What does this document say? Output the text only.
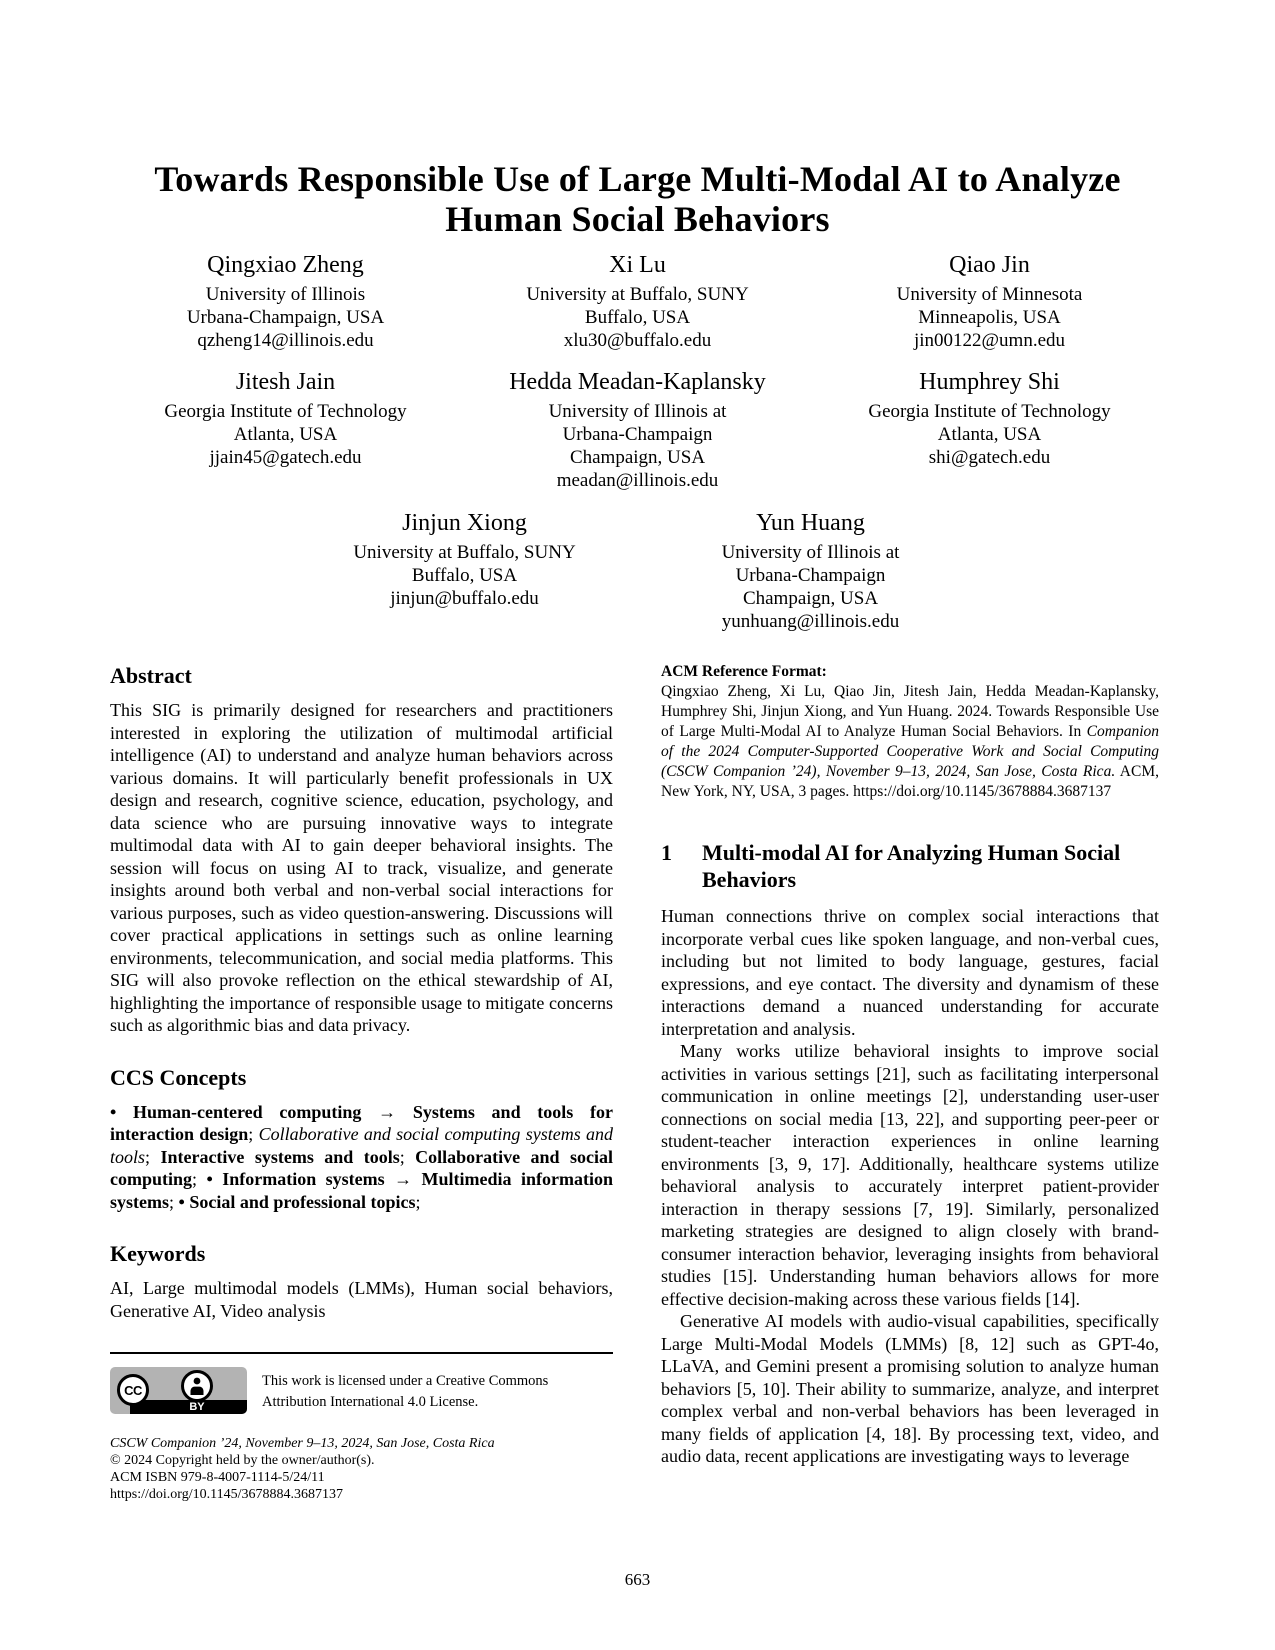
Towards Responsible Use of Large Multi-Modal AI to Analyze
Human Social Behaviors
Qingxiao Zheng
University of Illinois
Urbana-Champaign, USA
qzheng14@illinois.edu
Xi Lu
University at Buffalo, SUNY
Buffalo, USA
xlu30@buffalo.edu
Qiao Jin
University of Minnesota
Minneapolis, USA
jin00122@umn.edu
Jitesh Jain
Georgia Institute of Technology
Atlanta, USA
jjain45@gatech.edu
Hedda Meadan-Kaplansky
University of Illinois at
Urbana-Champaign
Champaign, USA
meadan@illinois.edu
Humphrey Shi
Georgia Institute of Technology
Atlanta, USA
shi@gatech.edu
Jinjun Xiong
University at Buffalo, SUNY
Buffalo, USA
jinjun@buffalo.edu
Yun Huang
University of Illinois at
Urbana-Champaign
Champaign, USA
yunhuang@illinois.edu
Abstract

This SIG is primarily designed for researchers and practitioners interested in exploring the utilization of multimodal artificial intelligence (AI) to understand and analyze human behaviors across various domains. It will particularly benefit professionals in UX design and research, cognitive science, education, psychology, and data science who are pursuing innovative ways to integrate multimodal data with AI to gain deeper behavioral insights. The session will focus on using AI to track, visualize, and generate insights around both verbal and non-verbal social interactions for various purposes, such as video question-answering. Discussions will cover practical applications in settings such as online learning environments, telecommunication, and social media platforms. This SIG will also provoke reflection on the ethical stewardship of AI, highlighting the importance of responsible usage to mitigate concerns such as algorithmic bias and data privacy.

CCS Concepts

• Human-centered computing → Systems and tools for interaction design; Collaborative and social computing systems and tools; Interactive systems and tools; Collaborative and social computing; • Information systems → Multimedia information systems; • Social and professional topics;

Keywords

AI, Large multimodal models (LMMs), Human social behaviors, Generative AI, Video analysis

CC
BY
This work is licensed under a Creative Commons Attribution International 4.0 License.
CSCW Companion ’24, November 9–13, 2024, San Jose, Costa Rica
© 2024 Copyright held by the owner/author(s).
ACM ISBN 979-8-4007-1114-5/24/11
https://doi.org/10.1145/3678884.3687137
ACM Reference Format:

Qingxiao Zheng, Xi Lu, Qiao Jin, Jitesh Jain, Hedda Meadan-Kaplansky, Humphrey Shi, Jinjun Xiong, and Yun Huang. 2024. Towards Responsible Use of Large Multi-Modal AI to Analyze Human Social Behaviors. In Companion of the 2024 Computer-Supported Cooperative Work and Social Computing (CSCW Companion ’24), November 9–13, 2024, San Jose, Costa Rica. ACM, New York, NY, USA, 3 pages. https://doi.org/10.1145/3678884.3687137

1	Multi-modal AI for Analyzing Human Social Behaviors

Human connections thrive on complex social interactions that incorporate verbal cues like spoken language, and non-verbal cues, including but not limited to body language, gestures, facial expressions, and eye contact. The diversity and dynamism of these interactions demand a nuanced understanding for accurate interpretation and analysis.

Many works utilize behavioral insights to improve social activities in various settings [21], such as facilitating interpersonal communication in online meetings [2], understanding user-user connections on social media [13, 22], and supporting peer-peer or student-teacher interaction experiences in online learning environments [3, 9, 17]. Additionally, healthcare systems utilize behavioral analysis to accurately interpret patient-provider interaction in therapy sessions [7, 19]. Similarly, personalized marketing strategies are designed to align closely with brand-consumer interaction behavior, leveraging insights from behavioral studies [15]. Understanding human behaviors allows for more effective decision-making across these various fields [14].

Generative AI models with audio-visual capabilities, specifically Large Multi-Modal Models (LMMs) [8, 12] such as GPT-4o, LLaVA, and Gemini present a promising solution to analyze human behaviors [5, 10]. Their ability to summarize, analyze, and interpret complex verbal and non-verbal behaviors has been leveraged in many fields of application [4, 18]. By processing text, video, and audio data, recent applications are investigating ways to leverage

663
